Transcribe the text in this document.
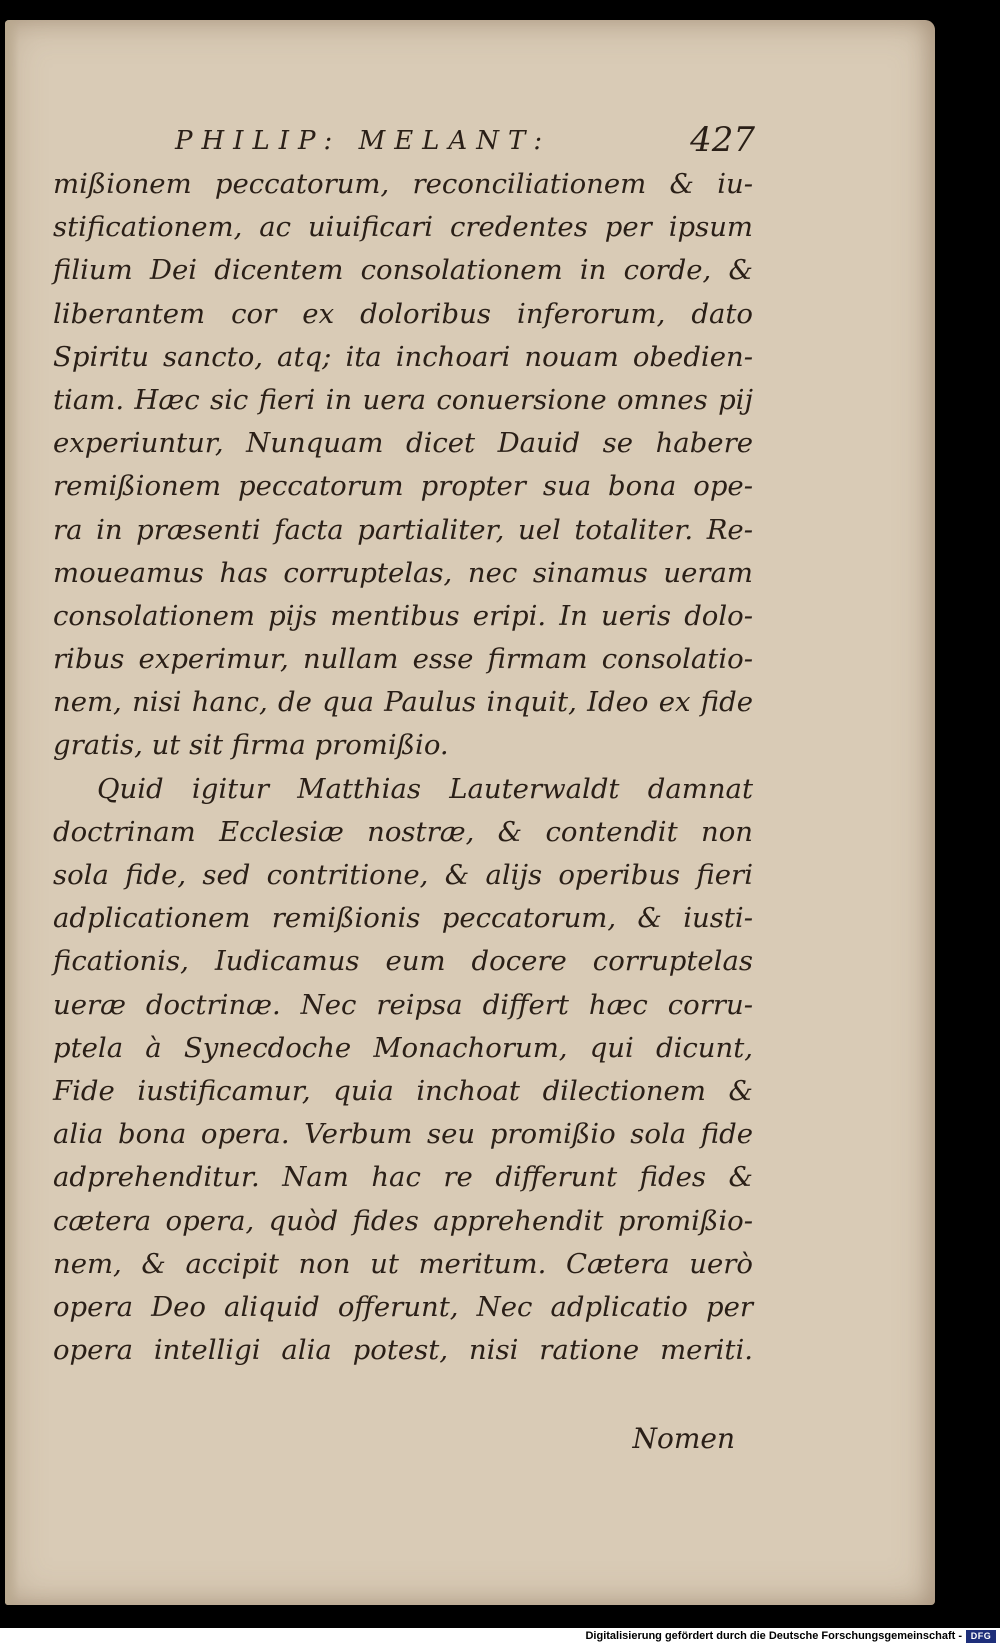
PHILIP: MELANT:	427
mißionem peccatorum, reconciliationem & iu-
stificationem, ac uiuificari credentes per ipsum
filium Dei dicentem consolationem in corde, &
liberantem cor ex doloribus inferorum, dato
Spiritu sancto, atq; ita inchoari nouam obedien-
tiam. Hæc sic fieri in uera conuersione omnes pij
experiuntur, Nunquam dicet Dauid se habere
remißionem peccatorum propter sua bona ope-
ra in præsenti facta partialiter, uel totaliter. Re-
moueamus has corruptelas, nec sinamus ueram
consolationem pijs mentibus eripi. In ueris dolo-
ribus experimur, nullam esse firmam consolatio-
nem, nisi hanc, de qua Paulus inquit, Ideo ex fide
gratis, ut sit firma promißio.
Quid igitur Matthias Lauterwaldt damnat
doctrinam Ecclesiæ nostræ, & contendit non
sola fide, sed contritione, & alijs operibus fieri
adplicationem remißionis peccatorum, & iusti-
ficationis, Iudicamus eum docere corruptelas
ueræ doctrinæ. Nec reipsa differt hæc corru-
ptela à Synecdoche Monachorum, qui dicunt,
Fide iustificamur, quia inchoat dilectionem &
alia bona opera. Verbum seu promißio sola fide
adprehenditur. Nam hac re differunt fides &
cætera opera, quòd fides apprehendit promißio-
nem, & accipit non ut meritum. Cætera uerò
opera Deo aliquid offerunt, Nec adplicatio per
opera intelligi alia potest, nisi ratione meriti.
Nomen
Digitalisierung gefördert durch die Deutsche Forschungsgemeinschaft - DFG
